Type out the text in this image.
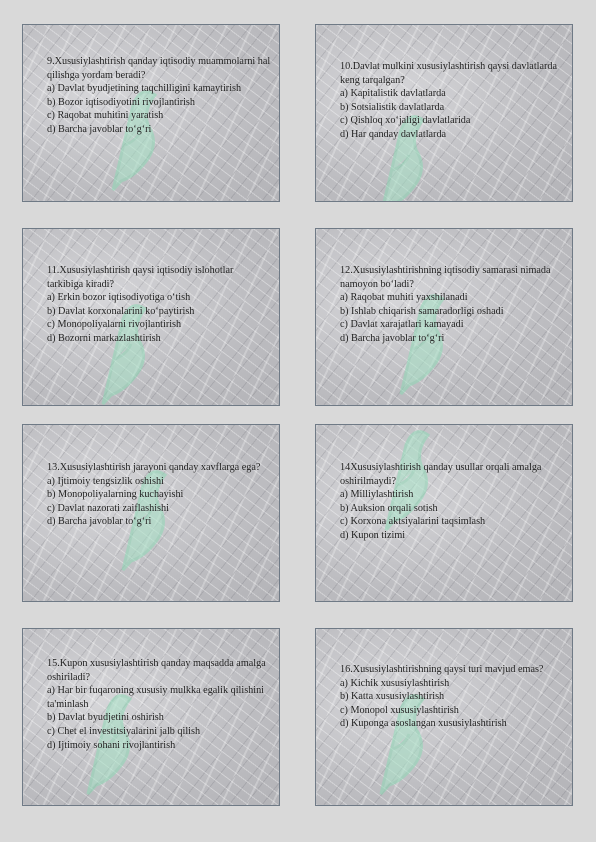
9.Xususiylashtirish qanday iqtisodiy muammolarni hal qilishga yordam beradi?
a) Davlat byudjetining taqchilligini kamaytirish
b) Bozor iqtisodiyotini rivojlantirish
c) Raqobat muhitini yaratish
d) Barcha javoblar to‘g‘ri
10.Davlat mulkini xususiylashtirish qaysi davlatlarda keng tarqalgan?
a) Kapitalistik davlatlarda
b) Sotsialistik davlatlarda
c) Qishloq xo‘jaligi davlatlarida
d) Har qanday davlatlarda
11.Xususiylashtirish qaysi iqtisodiy islohotlar tarkibiga kiradi?
a) Erkin bozor iqtisodiyotiga o‘tish
b) Davlat korxonalarini ko‘paytirish
c) Monopoliyalarni rivojlantirish
d) Bozorni markazlashtirish
12.Xususiylashtirishning iqtisodiy samarasi nimada namoyon bo‘ladi?
a) Raqobat muhiti yaxshilanadi
b) Ishlab chiqarish samaradorligi oshadi
c) Davlat xarajatlari kamayadi
d) Barcha javoblar to‘g‘ri
13.Xususiylashtirish jarayoni qanday xavflarga ega?
a) Ijtimoiy tengsizlik oshishi
b) Monopoliyalarning kuchayishi
c) Davlat nazorati zaiflashishi
d) Barcha javoblar to‘g‘ri
14Xususiylashtirish qanday usullar orqali amalga oshirilmaydi?
a) Milliylashtirish
b) Auksion orqali sotish
c) Korxona aktsiyalarini taqsimlash
d) Kupon tizimi
15.Kupon xususiylashtirish qanday maqsadda amalga oshiriladi?
a) Har bir fuqaroning xususiy mulkka egalik qilishini ta'minlash
b) Davlat byudjetini oshirish
c) Chet el investitsiyalarini jalb qilish
d) Ijtimoiy sohani rivojlantirish
16.Xususiylashtirishning qaysi turi mavjud emas?
a) Kichik xususiylashtirish
b) Katta xususiylashtirish
c) Monopol xususiylashtirish
d) Kuponga asoslangan xususiylashtirish
